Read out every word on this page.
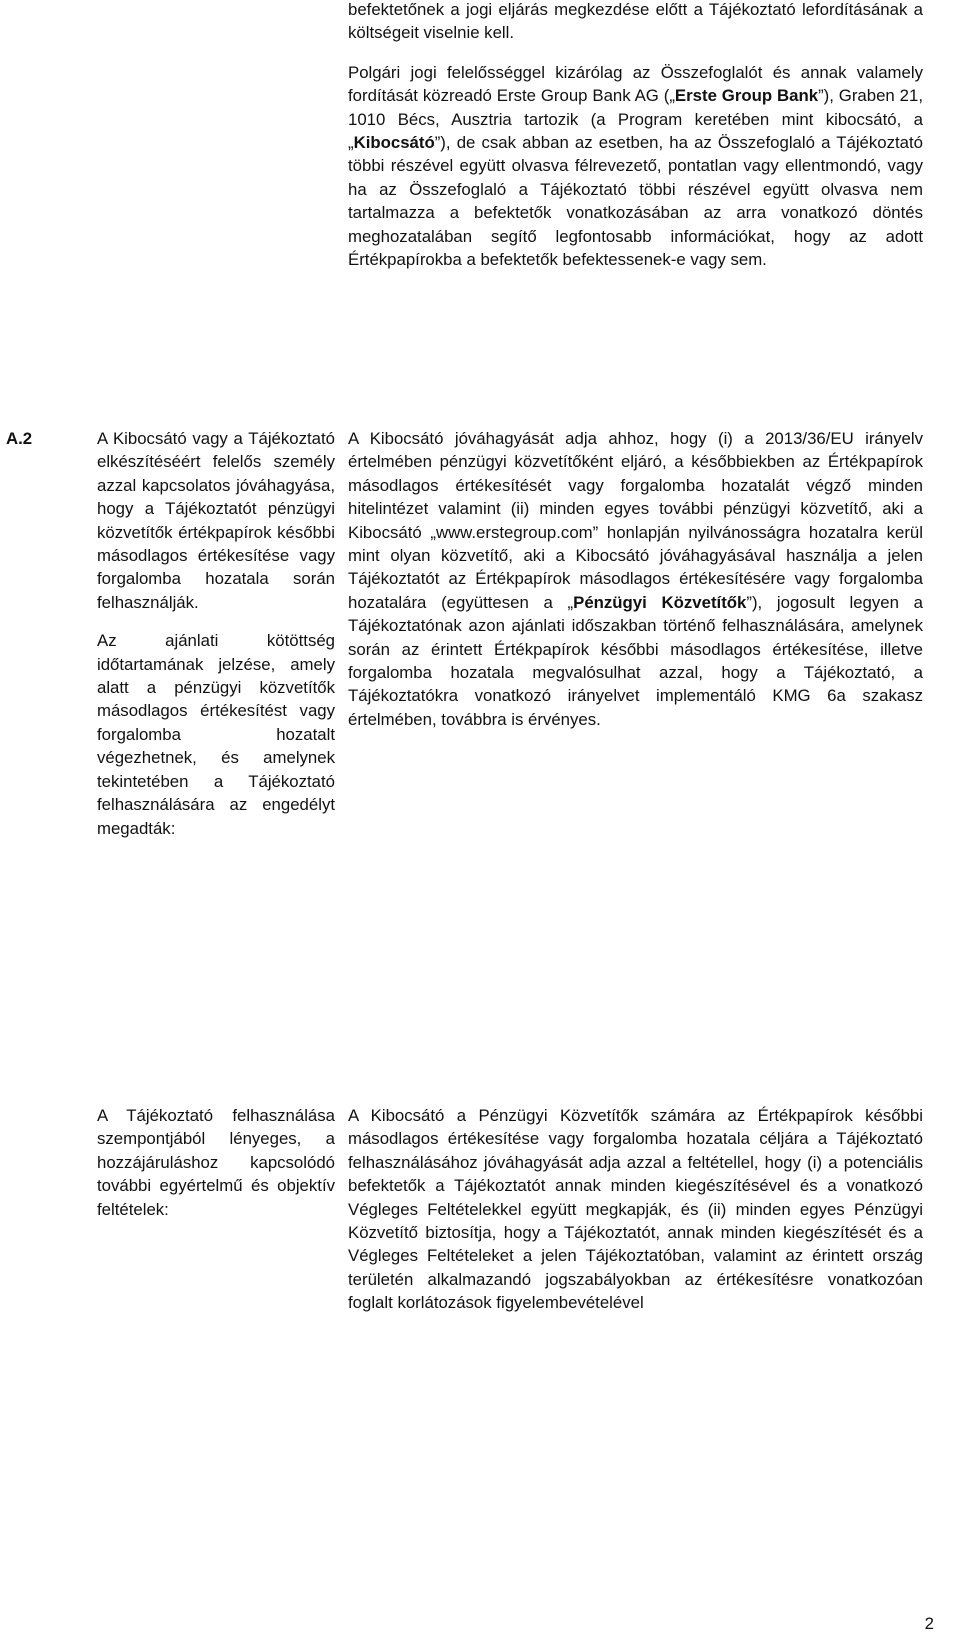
befektetőnek a jogi eljárás megkezdése előtt a Tájékoztató lefordításának a költségeit viselnie kell.

Polgári jogi felelősséggel kizárólag az Összefoglalót és annak valamely fordítását közreadó Erste Group Bank AG („Erste Group Bank”), Graben 21, 1010 Bécs, Ausztria tartozik (a Program keretében mint kibocsátó, a „Kibocsátó”), de csak abban az esetben, ha az Összefoglaló a Tájékoztató többi részével együtt olvasva félrevezető, pontatlan vagy ellentmondó, vagy ha az Összefoglaló a Tájékoztató többi részével együtt olvasva nem tartalmazza a befektetők vonatkozásában az arra vonatkozó döntés meghozatalában segítő legfontosabb információkat, hogy az adott Értékpapírokba a befektetők befektessenek-e vagy sem.

A.2	A Kibocsátó vagy a Tájékoztató elkészítéséért felelős személy azzal kapcsolatos jóváhagyása, hogy a Tájékoztatót pénzügyi közvetítők értékpapírok későbbi másodlagos értékesítése vagy forgalomba hozatala során felhasználják.

Az ajánlati kötöttség időtartamának jelzése, amely alatt a pénzügyi közvetítők másodlagos értékesítést vagy forgalomba hozatalt végezhetnek, és amelynek tekintetében a Tájékoztató felhasználására az engedélyt megadták:

A Kibocsátó jóváhagyását adja ahhoz, hogy (i) a 2013/36/EU irányelv értelmében pénzügyi közvetítőként eljáró, a későbbiekben az Értékpapírok másodlagos értékesítését vagy forgalomba hozatalát végző minden hitelintézet valamint (ii) minden egyes további pénzügyi közvetítő, aki a Kibocsátó „www.erstegroup.com” honlapján nyilvánosságra hozatalra kerül mint olyan közvetítő, aki a Kibocsátó jóváhagyásával használja a jelen Tájékoztatót az Értékpapírok másodlagos értékesítésére vagy forgalomba hozatalára (együttesen a „Pénzügyi Közvetítők”), jogosult legyen a Tájékoztatónak azon ajánlati időszakban történő felhasználására, amelynek során az érintett Értékpapírok későbbi másodlagos értékesítése, illetve forgalomba hozatala megvalósulhat azzal, hogy a Tájékoztató, a Tájékoztatókra vonatkozó irányelvet implementáló KMG 6a szakasz értelmében, továbbra is érvényes.

A Tájékoztató felhasználása szempontjából lényeges, a hozzájáruláshoz kapcsolódó további egyértelmű és objektív feltételek:

A Kibocsátó a Pénzügyi Közvetítők számára az Értékpapírok későbbi másodlagos értékesítése vagy forgalomba hozatala céljára a Tájékoztató felhasználásához jóváhagyását adja azzal a feltétellel, hogy (i) a potenciális befektetők a Tájékoztatót annak minden kiegészítésével és a vonatkozó Végleges Feltételekkel együtt megkapják, és (ii) minden egyes Pénzügyi Közvetítő biztosítja, hogy a Tájékoztatót, annak minden kiegészítését és a Végleges Feltételeket a jelen Tájékoztatóban, valamint az érintett ország területén alkalmazandó jogszabályokban az értékesítésre vonatkozóan foglalt korlátozások figyelembevételével

2
